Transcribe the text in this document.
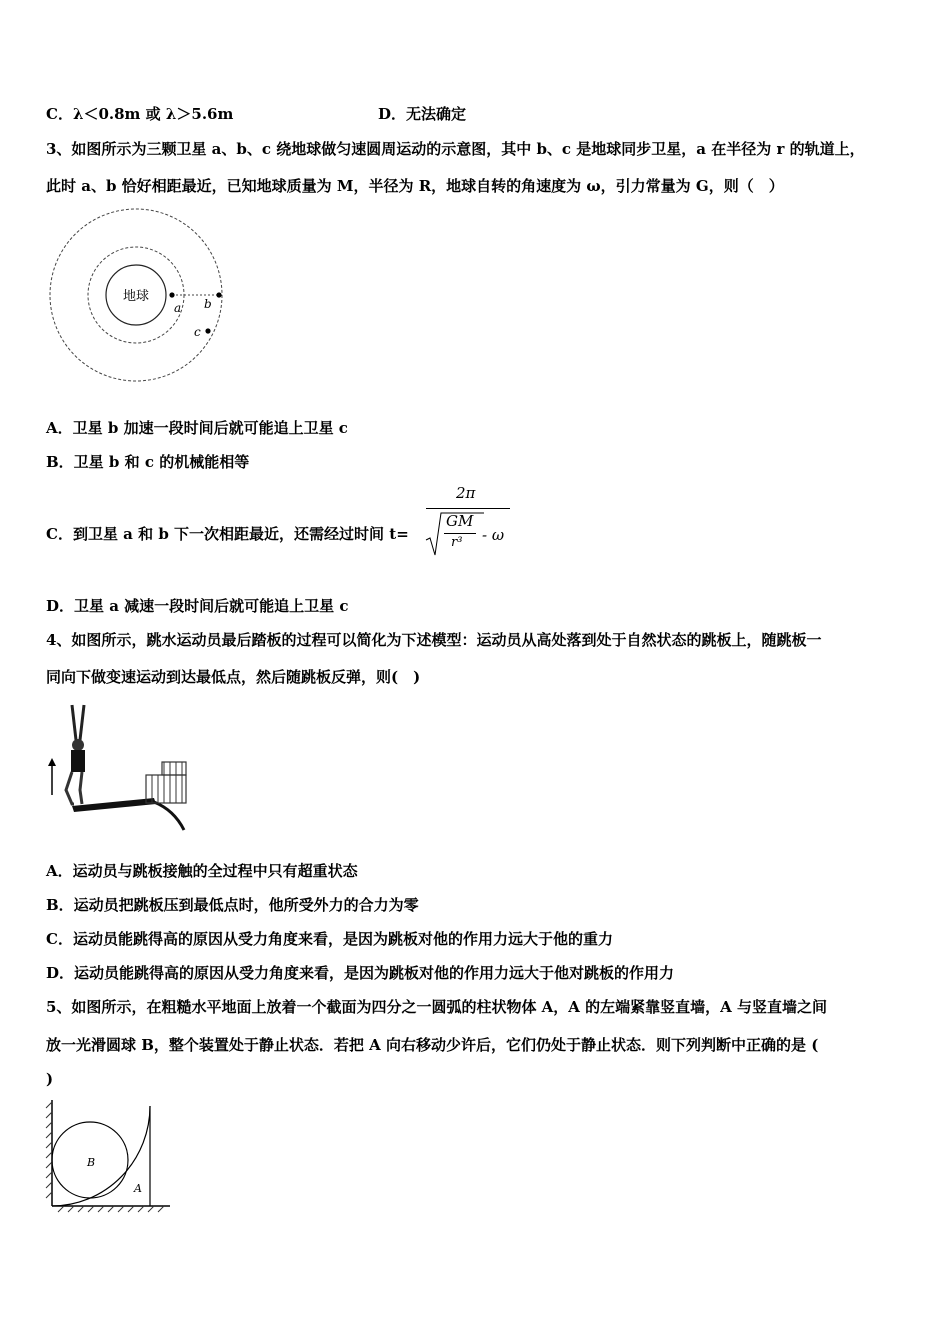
C．λ＜0.8m 或 λ＞5.6m	D．无法确定
3、如图所示为三颗卫星 a、b、c 绕地球做匀速圆周运动的示意图，其中 b、c 是地球同步卫星，a 在半径为 r 的轨道上，
此时 a、b 恰好相距最近，已知地球质量为 M，半径为 R，地球自转的角速度为 ω，引力常量为 G，则（　）
地球
a b
c
A．卫星 b 加速一段时间后就可能追上卫星 c
B．卫星 b 和 c 的机械能相等
C．到卫星 a 和 b 下一次相距最近，还需经过时间 t=
2π
GM
r³ - ω
D．卫星 a 减速一段时间后就可能追上卫星 c
4、如图所示，跳水运动员最后踏板的过程可以简化为下述模型：运动员从高处落到处于自然状态的跳板上，随跳板一
同向下做变速运动到达最低点，然后随跳板反弹，则(　)
A．运动员与跳板接触的全过程中只有超重状态
B．运动员把跳板压到最低点时，他所受外力的合力为零
C．运动员能跳得高的原因从受力角度来看，是因为跳板对他的作用力远大于他的重力
D．运动员能跳得高的原因从受力角度来看，是因为跳板对他的作用力远大于他对跳板的作用力
5、如图所示，在粗糙水平地面上放着一个截面为四分之一圆弧的柱状物体 A，A 的左端紧靠竖直墙，A 与竖直墙之间
放一光滑圆球 B，整个装置处于静止状态．若把 A 向右移动少许后，它们仍处于静止状态．则下列判断中正确的是 (
)
B
A
